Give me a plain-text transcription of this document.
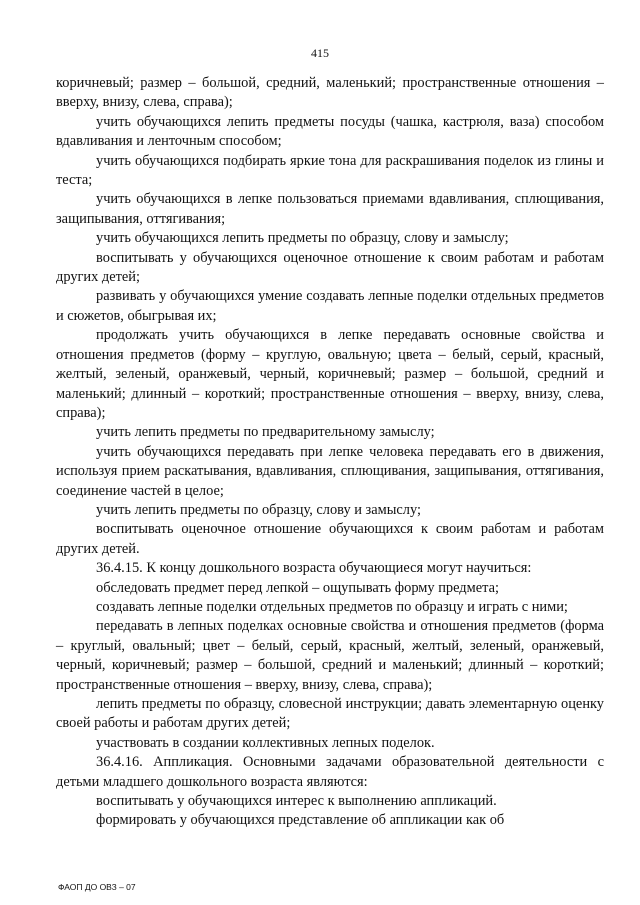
415

коричневый; размер – большой, средний, маленький; пространственные отношения – вверху, внизу, слева, справа);

учить обучающихся лепить предметы посуды (чашка, кастрюля, ваза) способом вдавливания и ленточным способом;

учить обучающихся подбирать яркие тона для раскрашивания поделок из глины и теста;

учить обучающихся в лепке пользоваться приемами вдавливания, сплющивания, защипывания, оттягивания;

учить обучающихся лепить предметы по образцу, слову и замыслу;

воспитывать у обучающихся оценочное отношение к своим работам и работам других детей;

развивать у обучающихся умение создавать лепные поделки отдельных предметов и сюжетов, обыгрывая их;

продолжать учить обучающихся в лепке передавать основные свойства и отношения предметов (форму – круглую, овальную; цвета – белый, серый, красный, желтый, зеленый, оранжевый, черный, коричневый; размер – большой, средний и маленький; длинный – короткий; пространственные отношения – вверху, внизу, слева, справа);

учить лепить предметы по предварительному замыслу;

учить обучающихся передавать при лепке человека передавать его в движения, используя прием раскатывания, вдавливания, сплющивания, защипывания, оттягивания, соединение частей в целое;

учить лепить предметы по образцу, слову и замыслу;

воспитывать оценочное отношение обучающихся к своим работам и работам других детей.

36.4.15. К концу дошкольного возраста обучающиеся могут научиться:

обследовать предмет перед лепкой – ощупывать форму предмета;

создавать лепные поделки отдельных предметов по образцу и играть с ними;

передавать в лепных поделках основные свойства и отношения предметов (форма – круглый, овальный; цвет – белый, серый, красный, желтый, зеленый, оранжевый, черный, коричневый; размер – большой, средний и маленький; длинный – короткий; пространственные отношения – вверху, внизу, слева, справа);

лепить предметы по образцу, словесной инструкции; давать элементарную оценку своей работы и работам других детей;

участвовать в создании коллективных лепных поделок.

36.4.16. Аппликация. Основными задачами образовательной деятельности с детьми младшего дошкольного возраста являются:

воспитывать у обучающихся интерес к выполнению аппликаций.

формировать у обучающихся представление об аппликации как об

ФАОП ДО ОВЗ – 07
